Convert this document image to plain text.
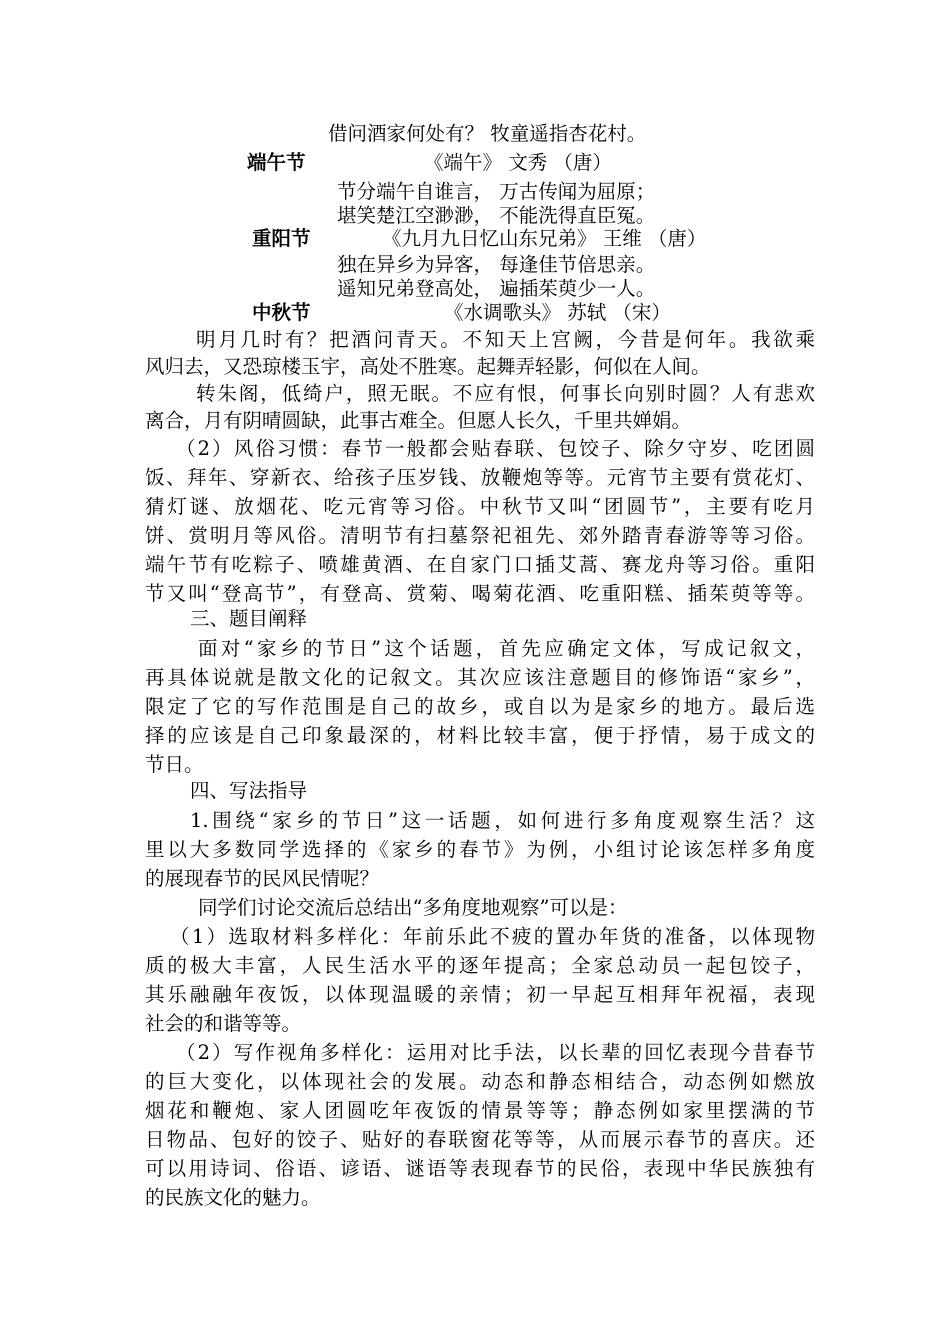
借问酒家何处有？ 牧童遥指杏花村。
端午节	《端午》 文秀 （唐）
节分端午自谁言， 万古传闻为屈原；
堪笑楚江空渺渺， 不能洗得直臣冤。
重阳节	《九月九日忆山东兄弟》 王维 （唐）
独在异乡为异客， 每逢佳节倍思亲。
遥知兄弟登高处， 遍插茱萸少一人。
中秋节	《水调歌头》 苏轼 （宋）
明月几时有？把酒问青天。不知天上宫阙，今昔是何年。我欲乘
风归去，又恐琼楼玉宇，高处不胜寒。起舞弄轻影，何似在人间。
转朱阁，低绮户，照无眠。不应有恨，何事长向别时圆？人有悲欢
离合，月有阴晴圆缺，此事古难全。但愿人长久，千里共婵娟。
（2）风俗习惯：春节一般都会贴春联、包饺子、除夕守岁、吃团圆
饭、拜年、穿新衣、给孩子压岁钱、放鞭炮等等。元宵节主要有赏花灯、
猜灯谜、放烟花、吃元宵等习俗。中秋节又叫“团圆节”，主要有吃月
饼、赏明月等风俗。清明节有扫墓祭祀祖先、郊外踏青春游等等习俗。
端午节有吃粽子、喷雄黄酒、在自家门口插艾蒿、赛龙舟等习俗。重阳
节又叫“登高节”，有登高、赏菊、喝菊花酒、吃重阳糕、插茱萸等等。
三、题目阐释
面对“家乡的节日”这个话题，首先应确定文体，写成记叙文，
再具体说就是散文化的记叙文。其次应该注意题目的修饰语“家乡”，
限定了它的写作范围是自己的故乡，或自以为是家乡的地方。最后选
择的应该是自己印象最深的，材料比较丰富，便于抒情，易于成文的
节日。
四、写法指导
1.围绕“家乡的节日”这一话题，如何进行多角度观察生活？这
里以大多数同学选择的《家乡的春节》为例，小组讨论该怎样多角度
的展现春节的民风民情呢？
同学们讨论交流后总结出“多角度地观察”可以是：
（1）选取材料多样化：年前乐此不疲的置办年货的准备，以体现物
质的极大丰富，人民生活水平的逐年提高；全家总动员一起包饺子，
其乐融融年夜饭，以体现温暖的亲情；初一早起互相拜年祝福，表现
社会的和谐等等。
（2）写作视角多样化：运用对比手法，以长辈的回忆表现今昔春节
的巨大变化，以体现社会的发展。动态和静态相结合，动态例如燃放
烟花和鞭炮、家人团圆吃年夜饭的情景等等；静态例如家里摆满的节
日物品、包好的饺子、贴好的春联窗花等等，从而展示春节的喜庆。还
可以用诗词、俗语、谚语、谜语等表现春节的民俗，表现中华民族独有
的民族文化的魅力。
